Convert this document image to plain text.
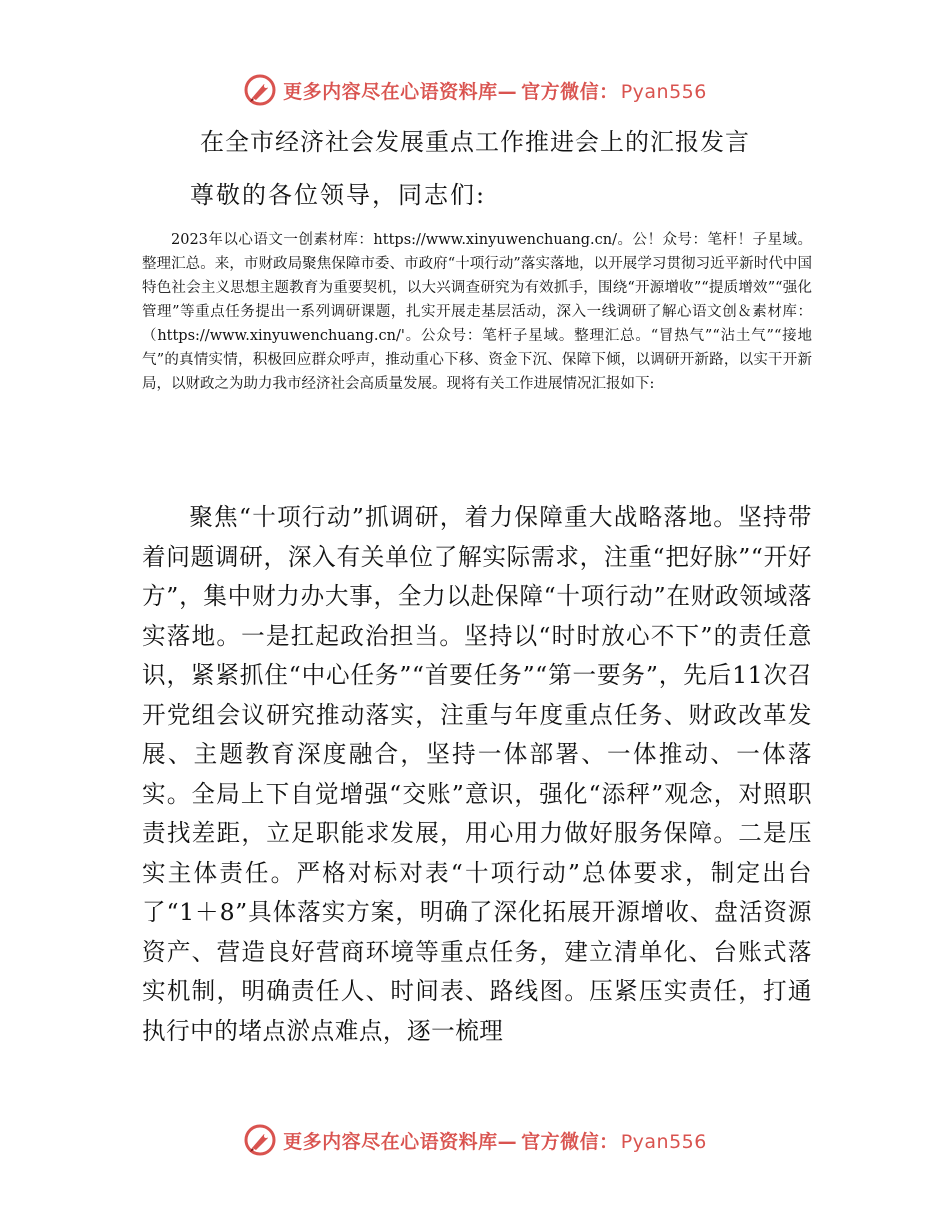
更多内容尽在心语资料库— 官方微信： Pyan556
在全市经济社会发展重点工作推进会上的汇报发言
尊敬的各位领导，同志们:

2023年以心语文一创素材库：https://www.xinyuwenchuang.cn/。公！众号：笔杆！子星域。整理汇总。来，市财政局聚焦保障市委、市政府“十项行动”落实落地，以开展学习贯彻习近平新时代中国特色社会主义思想主题教育为重要契机，以大兴调查研究为有效抓手，围绕“开源增收”“提质增效”“强化管理”等重点任务提出一系列调研课题，扎实开展走基层活动，深入一线调研了解心语文创＆素材库：（https://www.xinyuwenchuang.cn/'。公众号：笔杆子星域。整理汇总。“冒热气”“沾土气”“接地气”的真情实情，积极回应群众呼声，推动重心下移、资金下沉、保障下倾，以调研开新路，以实干开新局，以财政之为助力我市经济社会高质量发展。现将有关工作进展情况汇报如下:

聚焦“十项行动”抓调研，着力保障重大战略落地。坚持带着问题调研，深入有关单位了解实际需求，注重“把好脉”“开好方”，集中财力办大事，全力以赴保障“十项行动”在财政领域落实落地。一是扛起政治担当。坚持以“时时放心不下”的责任意识，紧紧抓住“中心任务”“首要任务”“第一要务”，先后11次召开党组会议研究推动落实，注重与年度重点任务、财政改革发展、主题教育深度融合，坚持一体部署、一体推动、一体落实。全局上下自觉增强“交账”意识，强化“添秤”观念，对照职责找差距，立足职能求发展，用心用力做好服务保障。二是压实主体责任。严格对标对表“十项行动”总体要求，制定出台了“1＋8”具体落实方案，明确了深化拓展开源增收、盘活资源资产、营造良好营商环境等重点任务，建立清单化、台账式落实机制，明确责任人、时间表、路线图。压紧压实责任，打通执行中的堵点淤点难点，逐一梳理

更多内容尽在心语资料库— 官方微信： Pyan556
